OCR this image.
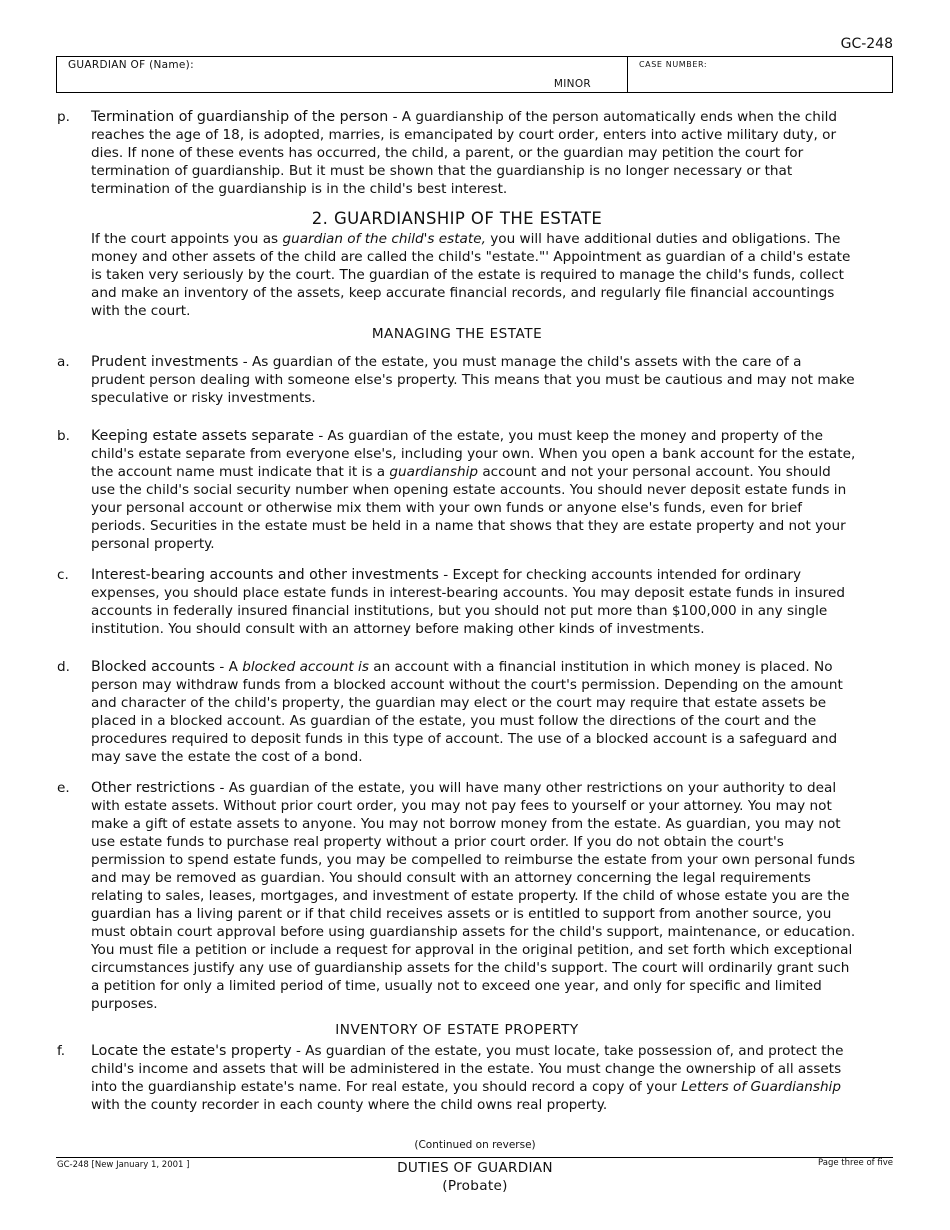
GC-248
GUARDIAN OF (Name):
MINOR
CASE NUMBER:
p. Termination of guardianship of the person - A guardianship of the person automatically ends when the child reaches the age of 18, is adopted, marries, is emancipated by court order, enters into active military duty, or dies. If none of these events has occurred, the child, a parent, or the guardian may petition the court for termination of guardianship. But it must be shown that the guardianship is no longer necessary or that termination of the guardianship is in the child's best interest.
2. GUARDIANSHIP OF THE ESTATE
If the court appoints you as guardian of the child's estate, you will have additional duties and obligations. The money and other assets of the child are called the child's "estate."' Appointment as guardian of a child's estate is taken very seriously by the court. The guardian of the estate is required to manage the child's funds, collect and make an inventory of the assets, keep accurate financial records, and regularly file financial accountings with the court.
MANAGING THE ESTATE
a. Prudent investments - As guardian of the estate, you must manage the child's assets with the care of a prudent person dealing with someone else's property. This means that you must be cautious and may not make speculative or risky investments.
b. Keeping estate assets separate - As guardian of the estate, you must keep the money and property of the child's estate separate from everyone else's, including your own. When you open a bank account for the estate, the account name must indicate that it is a guardianship account and not your personal account. You should use the child's social security number when opening estate accounts. You should never deposit estate funds in your personal account or otherwise mix them with your own funds or anyone else's funds, even for brief periods. Securities in the estate must be held in a name that shows that they are estate property and not your personal property.
c. Interest-bearing accounts and other investments - Except for checking accounts intended for ordinary expenses, you should place estate funds in interest-bearing accounts. You may deposit estate funds in insured accounts in federally insured financial institutions, but you should not put more than $100,000 in any single institution. You should consult with an attorney before making other kinds of investments.
d. Blocked accounts - A blocked account is an account with a financial institution in which money is placed. No person may withdraw funds from a blocked account without the court's permission. Depending on the amount and character of the child's property, the guardian may elect or the court may require that estate assets be placed in a blocked account. As guardian of the estate, you must follow the directions of the court and the procedures required to deposit funds in this type of account. The use of a blocked account is a safeguard and may save the estate the cost of a bond.
e. Other restrictions - As guardian of the estate, you will have many other restrictions on your authority to deal with estate assets. Without prior court order, you may not pay fees to yourself or your attorney. You may not make a gift of estate assets to anyone. You may not borrow money from the estate. As guardian, you may not use estate funds to purchase real property without a prior court order. If you do not obtain the court's permission to spend estate funds, you may be compelled to reimburse the estate from your own personal funds and may be removed as guardian. You should consult with an attorney concerning the legal requirements relating to sales, leases, mortgages, and investment of estate property. If the child of whose estate you are the guardian has a living parent or if that child receives assets or is entitled to support from another source, you must obtain court approval before using guardianship assets for the child's support, maintenance, or education. You must file a petition or include a request for approval in the original petition, and set forth which exceptional circumstances justify any use of guardianship assets for the child's support. The court will ordinarily grant such a petition for only a limited period of time, usually not to exceed one year, and only for specific and limited purposes.
INVENTORY OF ESTATE PROPERTY
f. Locate the estate's property - As guardian of the estate, you must locate, take possession of, and protect the child's income and assets that will be administered in the estate. You must change the ownership of all assets into the guardianship estate's name. For real estate, you should record a copy of your Letters of Guardianship with the county recorder in each county where the child owns real property.
(Continued on reverse)
GC-248 [New January 1, 2001 ]	DUTIES OF GUARDIAN
(Probate)
Page three of five
